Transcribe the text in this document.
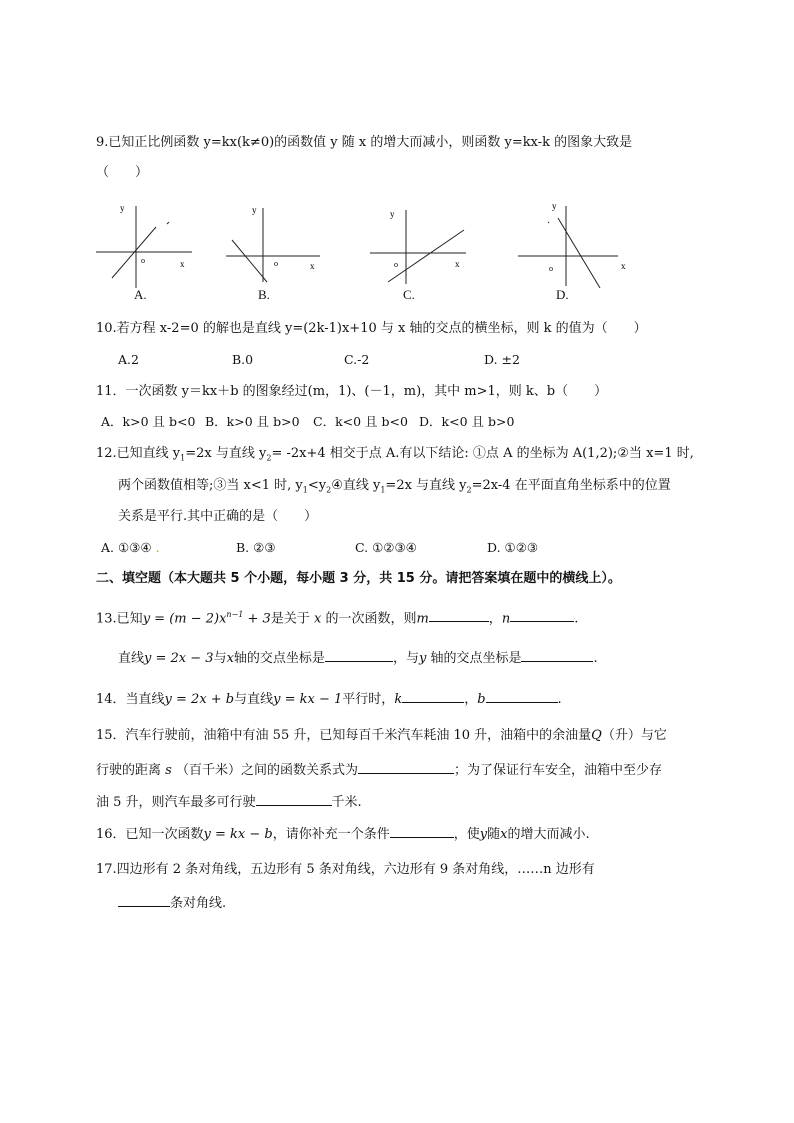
9.已知正比例函数 y=kx(k≠0)的函数值 y 随 x 的增大而减小，则函数 y=kx-k 的图象大致是
（　　）
y
x
o
A.
y
x
o
B.
y
x
o
C.
y
x
o
D.
10.若方程 x-2=0 的解也是直线 y=(2k-1)x+10 与 x 轴的交点的横坐标，则 k 的值为（　　）
A.2	B.0	C.-2	D. ±2
11．一次函数 y＝kx＋b 的图象经过(m，1)、(－1，m)，其中 m>1，则 k、b（　　）
A．k>0 且 b<0 B．k>0 且 b>0 C．k<0 且 b<0 D．k<0 且 b>0
12.已知直线 $y_1=2x$ 与直线 $y_2= -2x+4$ 相交于点 A.有以下结论: ①点 A 的坐标为 A(1,2);②当 x=1 时,
两个函数值相等;③当 x<1 时, $y_1<y_2④$直线 $y_1=2x$ 与直线 $y_2=2x-4$ 在平面直角坐标系中的位置
关系是平行.其中正确的是（　　）
A. ①③④ .	B. ②③	C. ①②③④	D. ①②③
二、填空题（本大题共 5 个小题，每小题 3 分，共 15 分。请把答案填在题中的横线上）。
13.已知$y = (m - 2)x^{n-1} + 3$是关于 x 的一次函数，则m	，n	.
直线y = 2x − 3与x轴的交点坐标是	，与y 轴的交点坐标是	.
14．当直线y = 2x + b与直线y = kx − 1平行时，k	，b	.
15．汽车行驶前，油箱中有油 55 升，已知每百千米汽车耗油 10 升，油箱中的余油量Q（升）与它
行驶的距离 s （百千米）之间的函数关系式为	；为了保证行车安全，油箱中至少存
油 5 升，则汽车最多可行驶	千米.
16．已知一次函数y = kx − b，请你补充一个条件	，使y随x的增大而减小.
17.四边形有 2 条对角线，五边形有 5 条对角线，六边形有 9 条对角线，……n 边形有
条对角线.
